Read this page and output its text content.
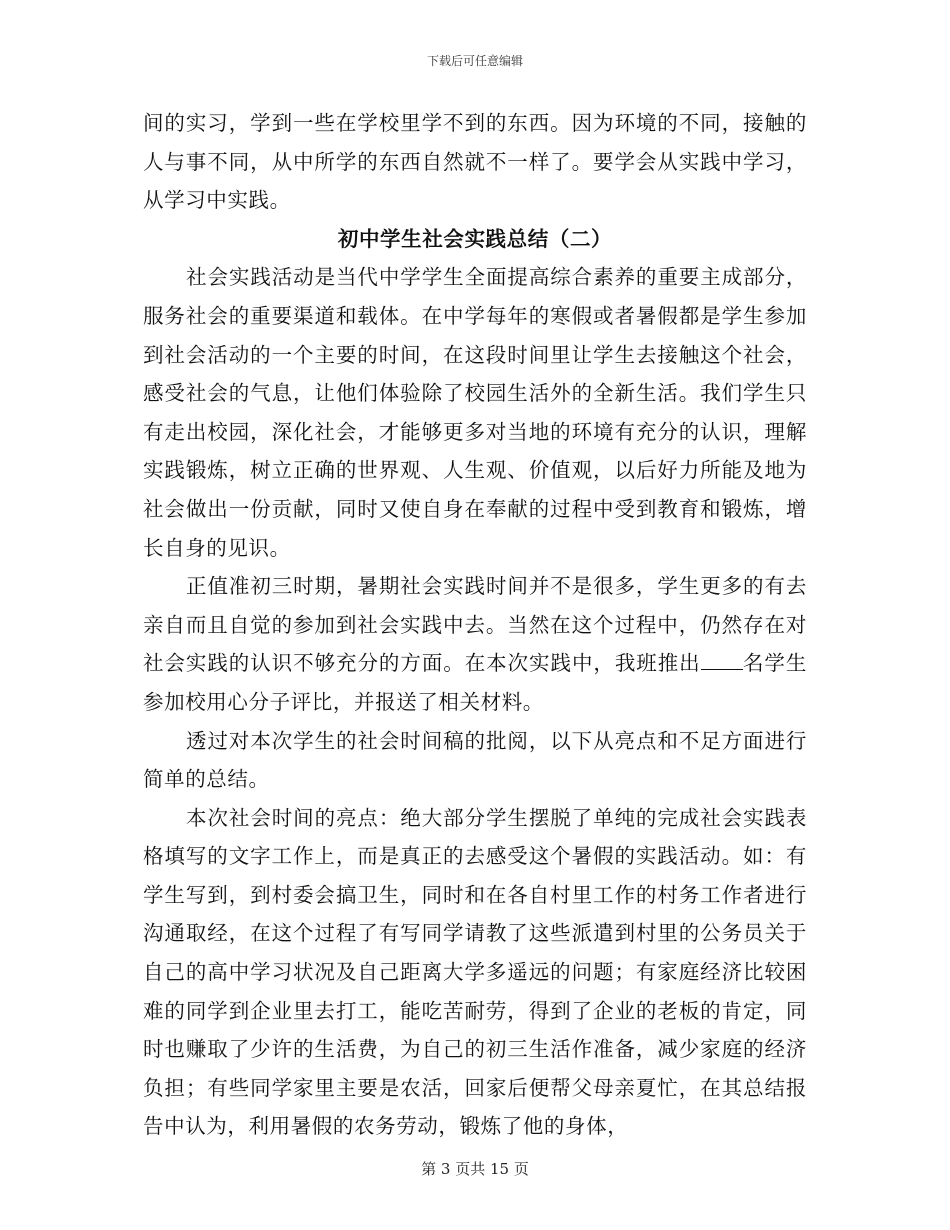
下载后可任意编辑

间的实习，学到一些在学校里学不到的东西。因为环境的不同，接触的人与事不同，从中所学的东西自然就不一样了。要学会从实践中学习，从学习中实践。

初中学生社会实践总结（二）

社会实践活动是当代中学学生全面提高综合素养的重要主成部分，服务社会的重要渠道和载体。在中学每年的寒假或者暑假都是学生参加到社会活动的一个主要的时间，在这段时间里让学生去接触这个社会，感受社会的气息，让他们体验除了校园生活外的全新生活。我们学生只有走出校园，深化社会，才能够更多对当地的环境有充分的认识，理解实践锻炼，树立正确的世界观、人生观、价值观，以后好力所能及地为社会做出一份贡献，同时又使自身在奉献的过程中受到教育和锻炼，增长自身的见识。

正值准初三时期，暑期社会实践时间并不是很多，学生更多的有去亲自而且自觉的参加到社会实践中去。当然在这个过程中，仍然存在对社会实践的认识不够充分的方面。在本次实践中，我班推出 名学生参加校用心分子评比，并报送了相关材料。

透过对本次学生的社会时间稿的批阅，以下从亮点和不足方面进行简单的总结。

本次社会时间的亮点：绝大部分学生摆脱了单纯的完成社会实践表格填写的文字工作上，而是真正的去感受这个暑假的实践活动。如：有学生写到，到村委会搞卫生，同时和在各自村里工作的村务工作者进行沟通取经，在这个过程了有写同学请教了这些派遣到村里的公务员关于自己的高中学习状况及自己距离大学多遥远的问题；有家庭经济比较困难的同学到企业里去打工，能吃苦耐劳，得到了企业的老板的肯定，同时也赚取了少许的生活费，为自己的初三生活作准备，减少家庭的经济负担；有些同学家里主要是农活，回家后便帮父母亲夏忙，在其总结报告中认为，利用暑假的农务劳动，锻炼了他的身体，

第 3 页共 15 页
